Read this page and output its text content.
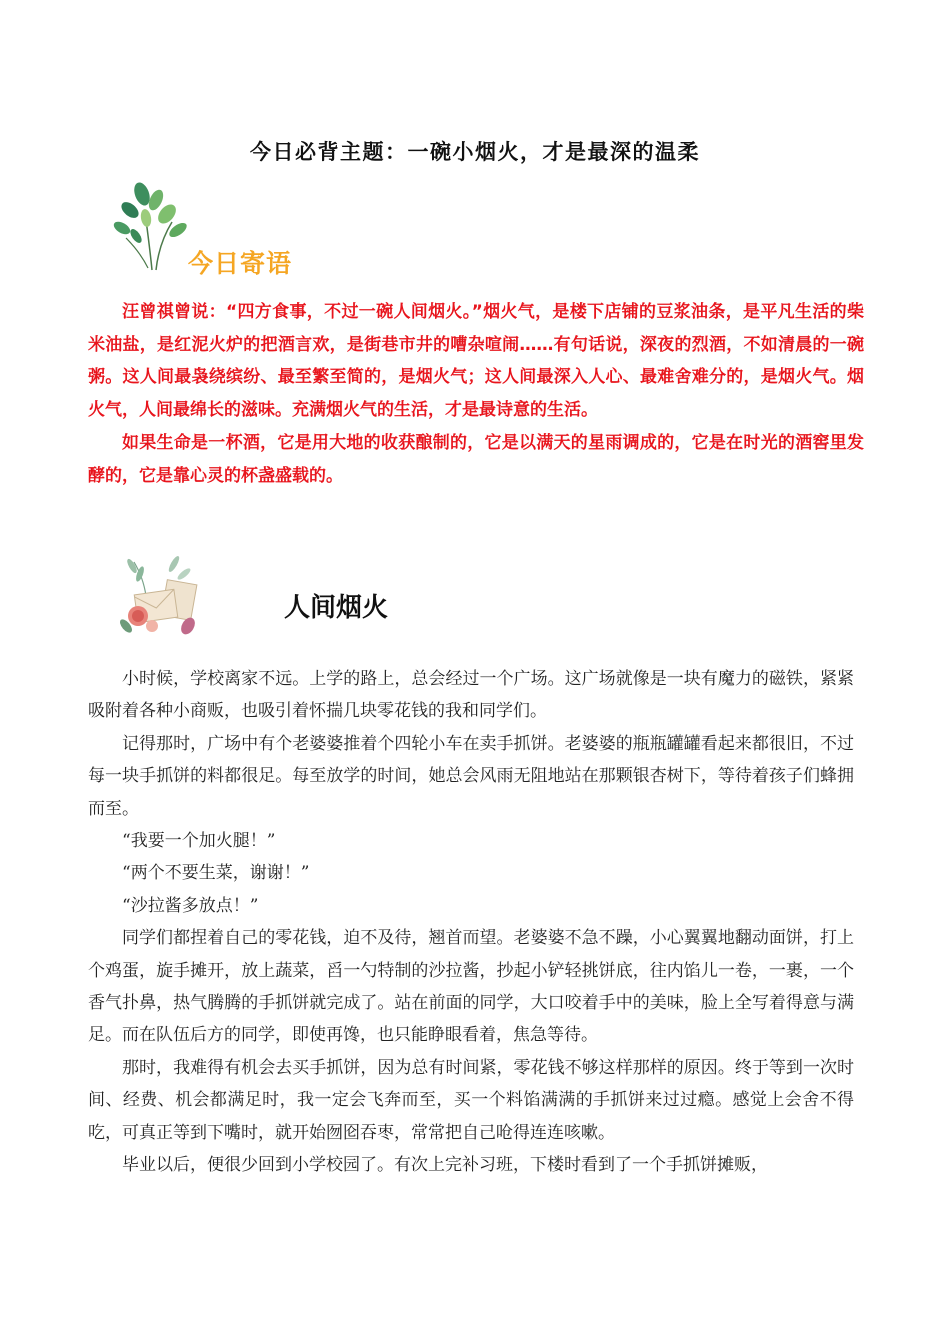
今日必背主题：一碗小烟火，才是最深的温柔
今日寄语

汪曾祺曾说：“四方食事，不过一碗人间烟火。”烟火气，是楼下店铺的豆浆油条，是平凡生活的柴米油盐，是红泥火炉的把酒言欢，是街巷市井的嘈杂喧闹……有句话说，深夜的烈酒，不如清晨的一碗粥。这人间最袅绕缤纷、最至繁至简的，是烟火气；这人间最深入人心、最难舍难分的，是烟火气。烟火气，人间最绵长的滋味。充满烟火气的生活，才是最诗意的生活。

如果生命是一杯酒，它是用大地的收获酿制的，它是以满天的星雨调成的，它是在时光的酒窖里发酵的，它是靠心灵的杯盏盛载的。

人间烟火

小时候，学校离家不远。上学的路上，总会经过一个广场。这广场就像是一块有魔力的磁铁，紧紧吸附着各种小商贩，也吸引着怀揣几块零花钱的我和同学们。

记得那时，广场中有个老婆婆推着个四轮小车在卖手抓饼。老婆婆的瓶瓶罐罐看起来都很旧，不过每一块手抓饼的料都很足。每至放学的时间，她总会风雨无阻地站在那颗银杏树下，等待着孩子们蜂拥而至。

“我要一个加火腿！”

“两个不要生菜，谢谢！”

“沙拉酱多放点！”

同学们都捏着自己的零花钱，迫不及待，翘首而望。老婆婆不急不躁，小心翼翼地翻动面饼，打上个鸡蛋，旋手摊开，放上蔬菜，舀一勺特制的沙拉酱，抄起小铲轻挑饼底，往内馅儿一卷，一裹，一个香气扑鼻，热气腾腾的手抓饼就完成了。站在前面的同学，大口咬着手中的美味，脸上全写着得意与满足。而在队伍后方的同学，即使再馋，也只能睁眼看着，焦急等待。

那时，我难得有机会去买手抓饼，因为总有时间紧，零花钱不够这样那样的原因。终于等到一次时间、经费、机会都满足时，我一定会飞奔而至，买一个料馅满满的手抓饼来过过瘾。感觉上会舍不得吃，可真正等到下嘴时，就开始囫囵吞枣，常常把自己呛得连连咳嗽。

毕业以后，便很少回到小学校园了。有次上完补习班，下楼时看到了一个手抓饼摊贩，
